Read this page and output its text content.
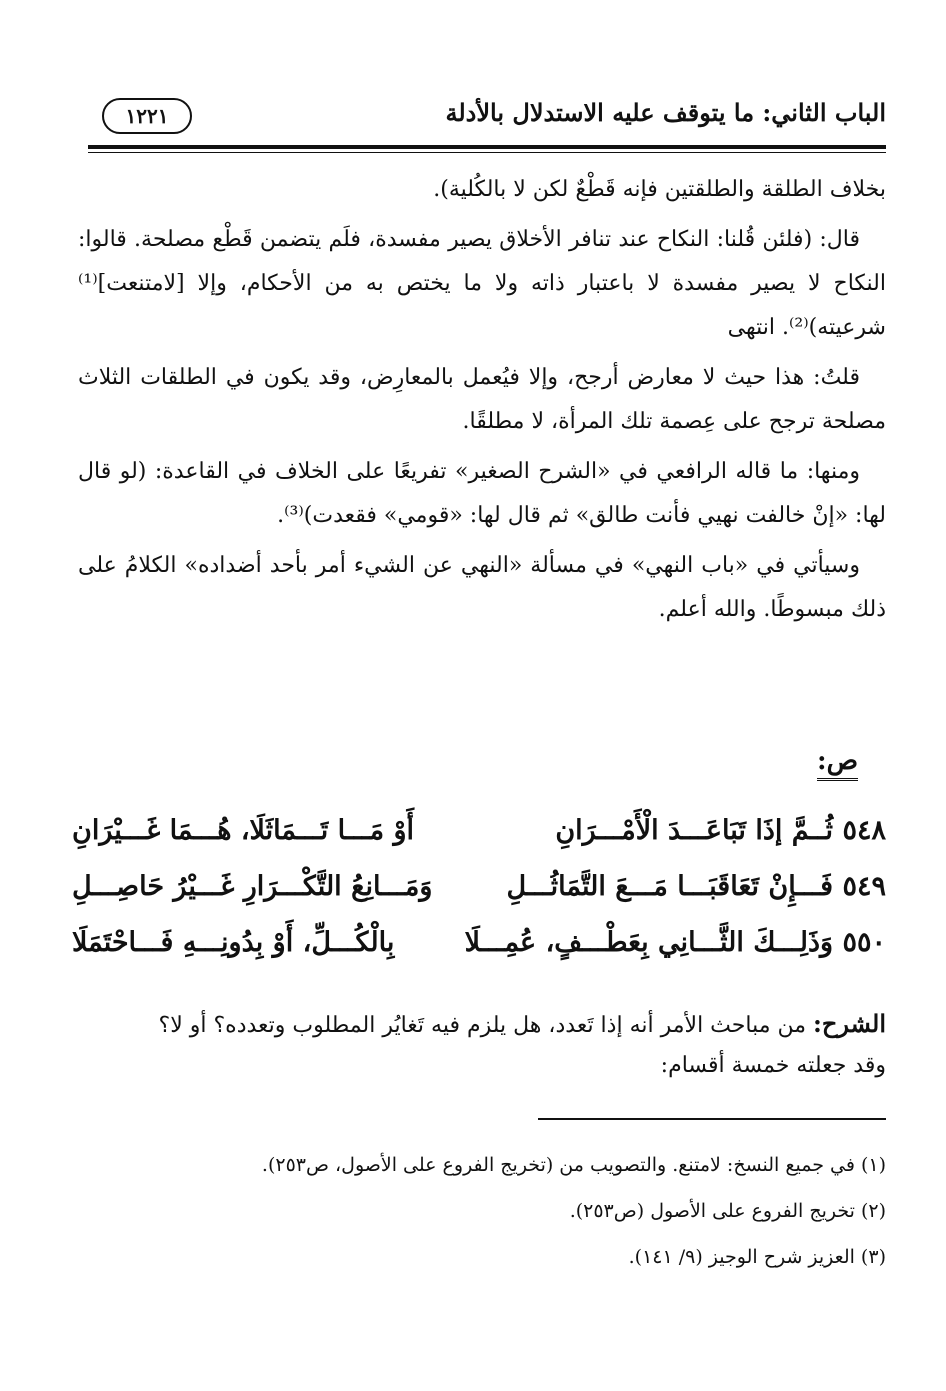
الباب الثاني: ما يتوقف عليه الاستدلال بالأدلة
١٢٢١

بخلاف الطلقة والطلقتين فإنه قَطْعٌ لكن لا بالكُلية).

قال: (فلئن قُلنا: النكاح عند تنافر الأخلاق يصير مفسدة، فلَم يتضمن قَطْع مصلحة. قالوا: النكاح لا يصير مفسدة لا باعتبار ذاته ولا ما يختص به من الأحكام، وإلا [لامتنعت]⁽¹⁾ شرعيته)⁽²⁾. انتهى

قلتُ: هذا حيث لا معارض أرجح، وإلا فيُعمل بالمعارِض، وقد يكون في الطلقات الثلاث مصلحة ترجح على عِصمة تلك المرأة، لا مطلقًا.

ومنها: ما قاله الرافعي في «الشرح الصغير» تفريعًا على الخلاف في القاعدة: (لو قال لها: «إنْ خالفت نهيي فأنت طالق» ثم قال لها: «قومي» فقعدت)⁽³⁾.

وسيأتي في «باب النهي» في مسألة «النهي عن الشيء أمر بأحد أضداده» الكلامُ على ذلك مبسوطًا. والله أعلم.

ص:
٥٤٨ ثُــمَّ إذَا تَبَاعَـــدَ الْأَمْـــرَانِ
أَوْ مَـــا تَـــمَاثَلَا، هُـــمَا غَـــيْرَانِ
٥٤٩ فَـــإِنْ تَعَاقَبَـــا مَـــعَ التَّمَاثُـــلِ
وَمَـــانِعُ التَّكْـــرَارِ غَـــيْرُ حَاصِـــلِ
٥٥٠ وَذَلِـــكَ الثَّـــانِي بِعَطْـــفٍ، عُمِـــلَا
بِالْكُـــلِّ، أَوْ بِدُونِـــهِ فَـــاحْتَمَلَا

الشرح: من مباحث الأمر أنه إذا تَعدد، هل يلزم فيه تَغايُر المطلوب وتعدده؟ أو لا؟

وقد جعلته خمسة أقسام:

(١) في جميع النسخ: لامتنع. والتصويب من (تخريج الفروع على الأصول، ص٢٥٣).

(٢) تخريج الفروع على الأصول (ص٢٥٣).

(٣) العزيز شرح الوجيز (٩/ ١٤١).
